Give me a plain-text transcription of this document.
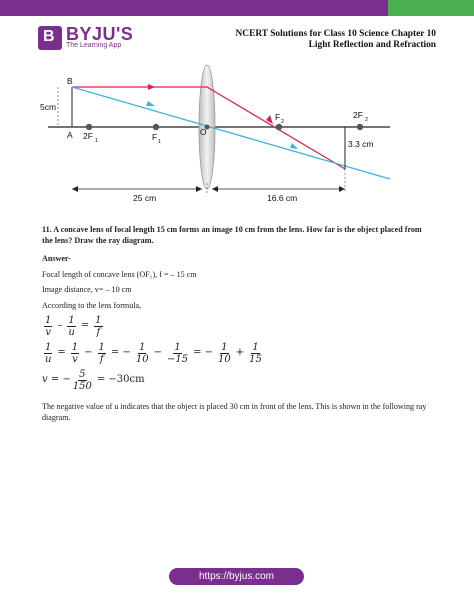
B BYJU'S
The Learning App
NCERT Solutions for Class 10 Science Chapter 10
Light Reflection and Refraction
B
A
5cm
2F 1	F 1
O
F 2
2F 2
3.3 cm
25 cm	16.6 cm
11. A concave lens of focal length 15 cm forms an image 10 cm from the lens. How far is the object placed from the lens? Draw the ray diagram.
Answer-
Focal length of concave lens (OF₁), f = – 15 cm
Image distance, v= – 10 cm
According to the lens formula,
$\frac{1}{v} - \frac{1}{u} = \frac{1}{f}$
$\frac{1}{u} = \frac{1}{v} - \frac{1}{f}$ = − $\frac{1}{10} - \frac{1}{-15}$ = − $\frac{1}{10} + \frac{1}{15}$
v = − $\frac{5}{150} = -30cm$
The negative value of u indicates that the object is placed 30 cm in front of the lens. This is shown in the following ray diagram.
https://byjus.com
